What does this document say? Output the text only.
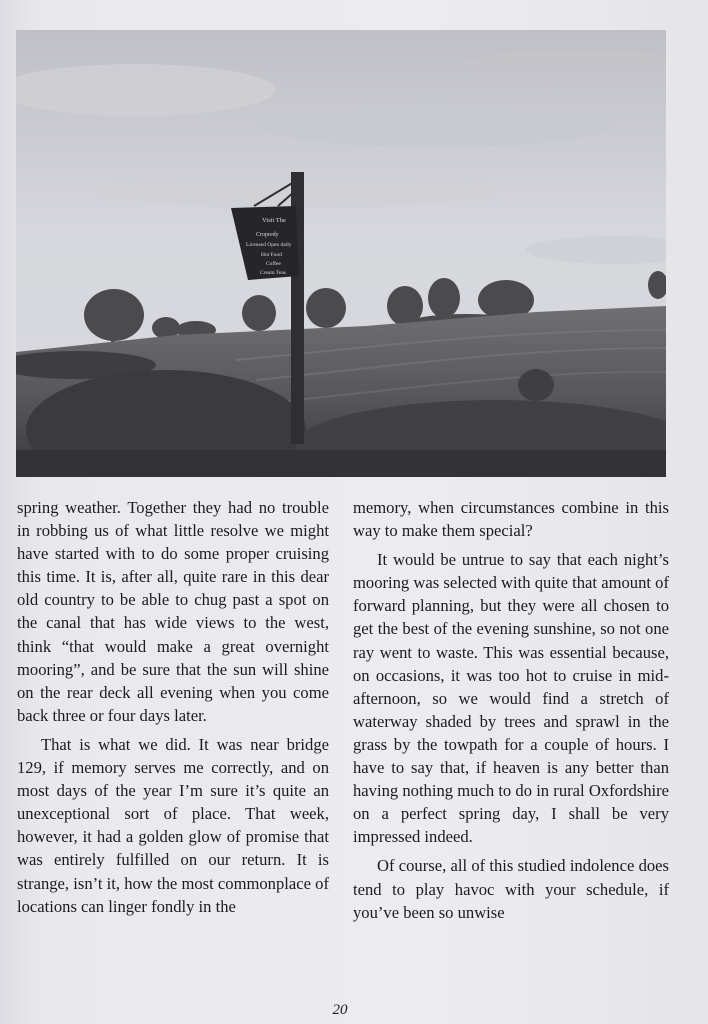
Visit The
Cropredy
Licensed Open daily
Hot Food
Coffee
Cream Teas

spring weather. Together they had no trouble in robbing us of what little resolve we might have started with to do some proper cruising this time. It is, after all, quite rare in this dear old country to be able to chug past a spot on the canal that has wide views to the west, think “that would make a great overnight mooring”, and be sure that the sun will shine on the rear deck all evening when you come back three or four days later.

That is what we did. It was near bridge 129, if memory serves me correctly, and on most days of the year I’m sure it’s quite an unexceptional sort of place. That week, however, it had a golden glow of promise that was entirely fulfilled on our return. It is strange, isn’t it, how the most commonplace of locations can linger fondly in the

memory, when circumstances combine in this way to make them special?

It would be untrue to say that each night’s mooring was selected with quite that amount of forward planning, but they were all chosen to get the best of the evening sunshine, so not one ray went to waste. This was essential because, on occasions, it was too hot to cruise in mid-afternoon, so we would find a stretch of waterway shaded by trees and sprawl in the grass by the towpath for a couple of hours. I have to say that, if heaven is any better than having nothing much to do in rural Oxfordshire on a perfect spring day, I shall be very impressed indeed.

Of course, all of this studied indolence does tend to play havoc with your schedule, if you’ve been so unwise

20
